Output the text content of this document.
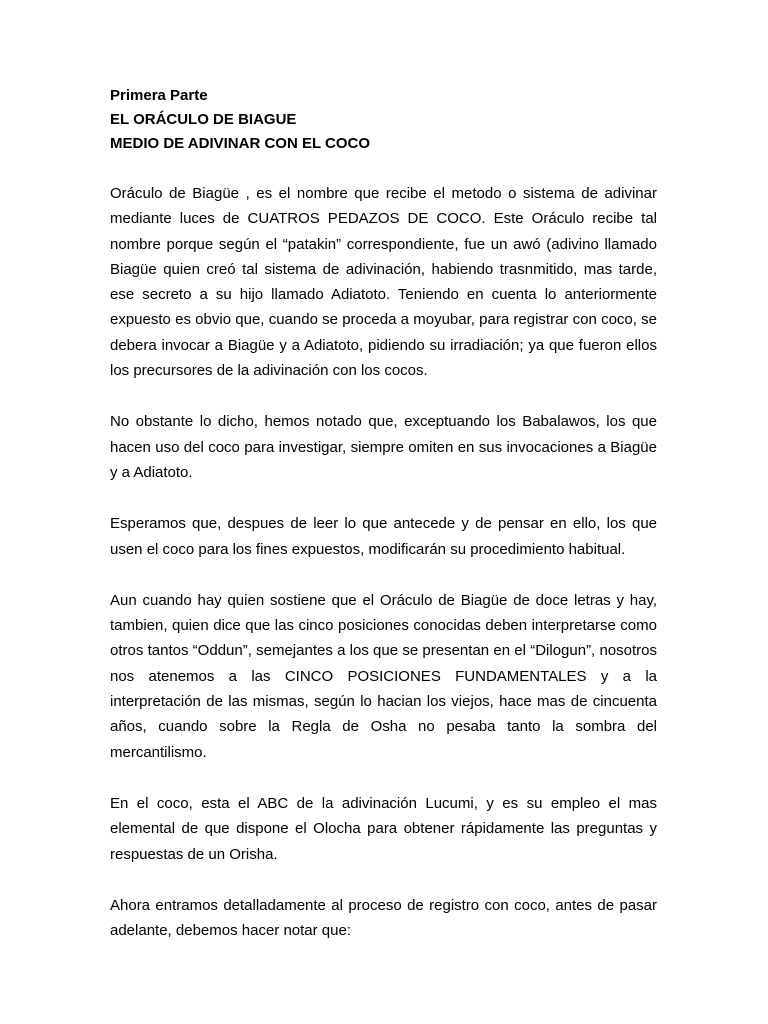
Primera Parte

EL ORÁCULO DE BIAGUE

MEDIO DE ADIVINAR CON EL COCO

Oráculo de Biagüe , es el nombre que recibe el metodo o sistema de adivinar mediante luces de CUATROS PEDAZOS DE COCO. Este Oráculo recibe tal nombre porque según el “patakin” correspondiente, fue un awó (adivino llamado Biagüe quien creó tal sistema de adivinación, habiendo trasnmitido, mas tarde, ese secreto a su hijo llamado Adiatoto. Teniendo en cuenta lo anteriormente expuesto es obvio que, cuando se proceda a moyubar, para registrar con coco, se debera invocar a Biagüe y a Adiatoto, pidiendo su irradiación; ya que fueron ellos los precursores de la adivinación con los cocos.

No obstante lo dicho, hemos notado que, exceptuando los Babalawos, los que hacen uso del coco para investigar, siempre omiten en sus invocaciones a Biagüe y a Adiatoto.

Esperamos que, despues de leer lo que antecede y de pensar en ello, los que usen el coco para los fines expuestos, modificarán su procedimiento habitual.

Aun cuando hay quien sostiene que el Oráculo de Biagüe de doce letras y hay, tambien, quien dice que las cinco posiciones conocidas deben interpretarse como otros tantos “Oddun”, semejantes a los que se presentan en el “Dilogun”, nosotros nos atenemos a las CINCO POSICIONES FUNDAMENTALES y a la interpretación de las mismas, según lo hacian los viejos, hace mas de cincuenta años, cuando sobre la Regla de Osha no pesaba tanto la sombra del mercantilismo.

En el coco, esta el ABC de la adivinación Lucumi, y es su empleo el mas elemental de que dispone el Olocha para obtener rápidamente las preguntas y respuestas de un Orisha.

Ahora entramos detalladamente al proceso de registro con coco, antes de pasar adelante, debemos hacer notar que:
